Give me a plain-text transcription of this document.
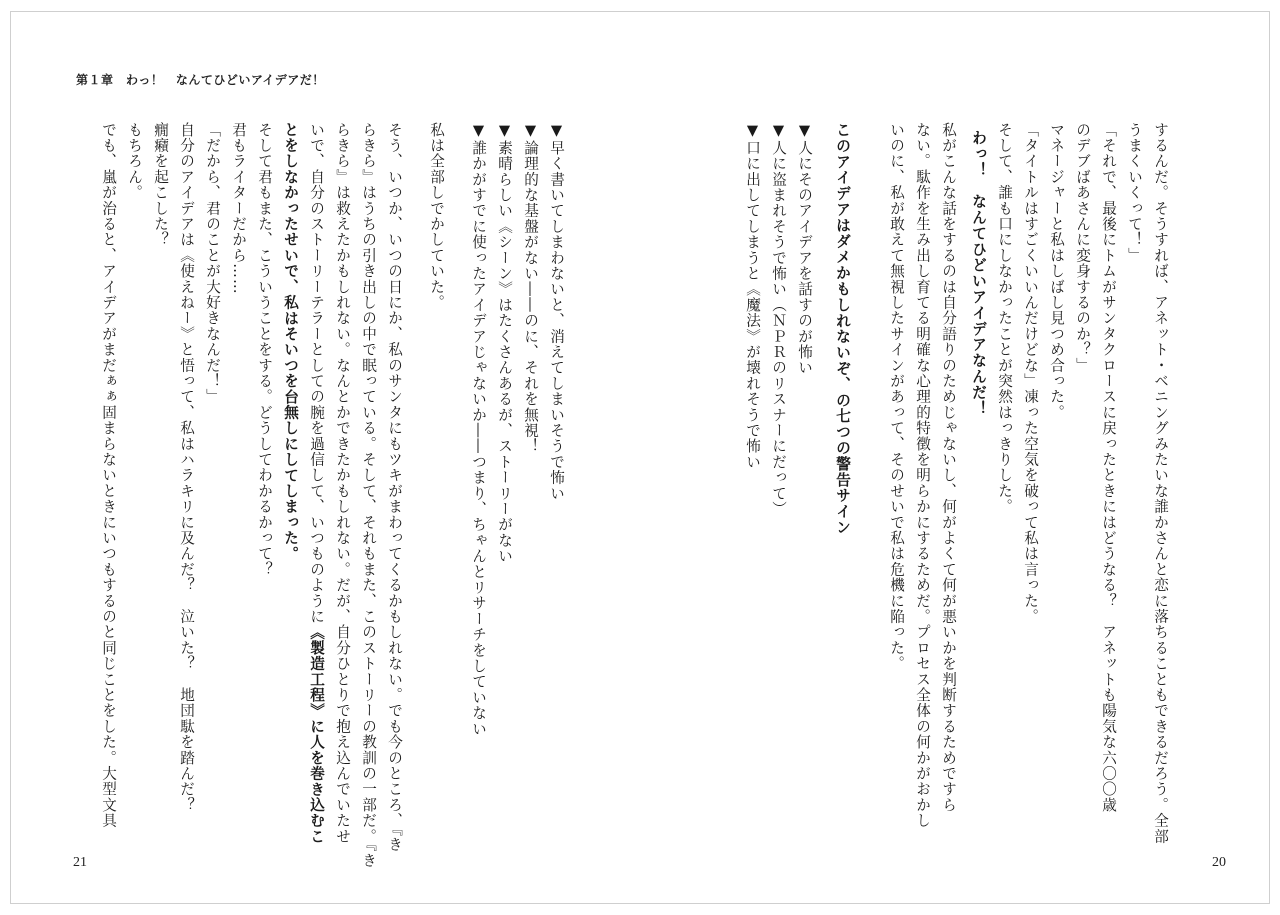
第１章　わっ！　なんてひどいアイデアだ！
するんだ。そうすれば、アネット・ベニングみたいな誰かさんと恋に落ちることもできるだろう。全部
うまくいくって！」
「それで、最後にトムがサンタクロースに戻ったときにはどうなる？　アネットも陽気な六〇〇歳
のデブばあさんに変身するのか？」
マネージャーと私はしばし見つめ合った。
「タイトルはすごくいいんだけどな」凍った空気を破って私は言った。
そして、誰も口にしなかったことが突然はっきりした。
わっ！　なんてひどいアイデアなんだ！
私がこんな話をするのは自分語りのためじゃないし、何がよくて何が悪いかを判断するためですら
ない。駄作を生み出し育てる明確な心理的特徴を明らかにするためだ。プロセス全体の何かがおかし
いのに、私が敢えて無視したサインがあって、そのせいで私は危機に陥った。
このアイデアはダメかもしれないぞ、の七つの警告サイン
▼人にそのアイデアを話すのが怖い
▼人に盗まれそうで怖い（ＮＰＲのリスナーにだって）
▼口に出してしまうと《魔法》が壊れそうで怖い
▼早く書いてしまわないと、消えてしまいそうで怖い
▼論理的な基盤がない――のに、それを無視！
▼素晴らしい《シーン》はたくさんあるが、ストーリーがない
▼誰かがすでに使ったアイデアじゃないか――つまり、ちゃんとリサーチをしていない
私は全部しでかしていた。
そう、いつか、いつの日にか、私のサンタにもツキがまわってくるかもしれない。でも今のところ、『き
らきら』はうちの引き出しの中で眠っている。そして、それもまた、このストーリーの教訓の一部だ。『き
らきら』は救えたかもしれない。なんとかできたかもしれない。だが、自分ひとりで抱え込んでいたせ
いで、自分のストーリーテラーとしての腕を過信して、いつものように《製造工程》に人を巻き込むこ
とをしなかったせいで、私はそいつを台無しにしてしまった。
そして君もまた、こういうことをする。どうしてわかるかって？
君もライターだから……
「だから、君のことが大好きなんだ！」
自分のアイデアは《使えねー》と悟って、私はハラキリに及んだ？　泣いた？　地団駄を踏んだ？
癇癪を起こした？
もちろん。
でも、嵐が治ると、アイデアがまだぁぁ固まらないときにいつもするのと同じことをした。大型文具
21	20
